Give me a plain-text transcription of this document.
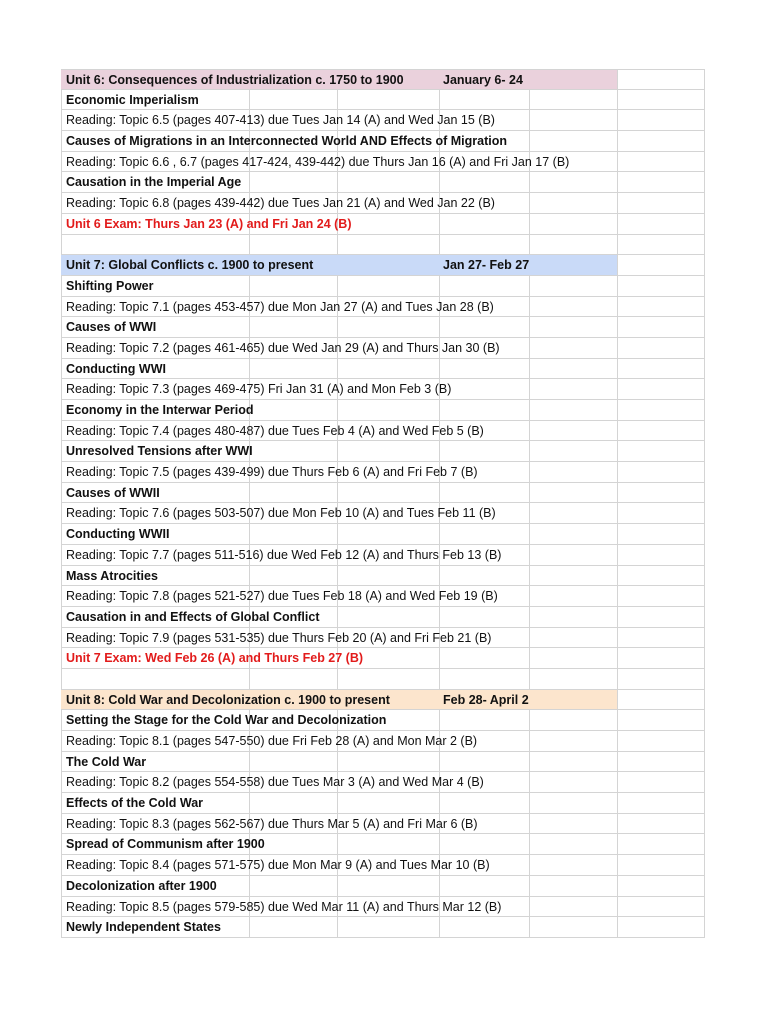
Unit 6: Consequences of Industrialization c. 1750 to 1900	January 6- 24
Economic Imperialism
Reading: Topic 6.5 (pages 407-413) due Tues Jan 14 (A) and Wed Jan 15 (B)
Causes of Migrations in an Interconnected World AND Effects of Migration
Reading: Topic 6.6 , 6.7 (pages 417-424, 439-442) due Thurs Jan 16 (A) and Fri Jan 17 (B)
Causation in the Imperial Age
Reading: Topic 6.8 (pages 439-442) due Tues Jan 21 (A) and Wed Jan 22 (B)
Unit 6 Exam: Thurs Jan 23 (A) and Fri Jan 24 (B)
Unit 7: Global Conflicts c. 1900 to present	Jan 27- Feb 27
Shifting Power
Reading: Topic 7.1 (pages 453-457) due Mon Jan 27 (A) and Tues Jan 28 (B)
Causes of WWI
Reading: Topic 7.2 (pages 461-465) due Wed Jan 29 (A) and Thurs Jan 30 (B)
Conducting WWI
Reading: Topic 7.3 (pages 469-475) Fri Jan 31 (A) and Mon Feb 3 (B)
Economy in the Interwar Period
Reading: Topic 7.4 (pages 480-487) due Tues Feb 4 (A) and Wed Feb 5 (B)
Unresolved Tensions after WWI
Reading: Topic 7.5 (pages 439-499) due Thurs Feb 6 (A) and Fri Feb 7 (B)
Causes of WWII
Reading: Topic 7.6 (pages 503-507) due Mon Feb 10 (A) and Tues Feb 11 (B)
Conducting WWII
Reading: Topic 7.7 (pages 511-516) due Wed Feb 12 (A) and Thurs Feb 13 (B)
Mass Atrocities
Reading: Topic 7.8 (pages 521-527) due Tues Feb 18 (A) and Wed Feb 19 (B)
Causation in and Effects of Global Conflict
Reading: Topic 7.9 (pages 531-535) due Thurs Feb 20 (A) and Fri Feb 21 (B)
Unit 7 Exam: Wed Feb 26 (A) and Thurs Feb 27 (B)
Unit 8: Cold War and Decolonization c. 1900 to present	Feb 28- April 2
Setting the Stage for the Cold War and Decolonization
Reading: Topic 8.1 (pages 547-550) due Fri Feb 28 (A) and Mon Mar 2 (B)
The Cold War
Reading: Topic 8.2 (pages 554-558) due Tues Mar 3 (A) and Wed Mar 4 (B)
Effects of the Cold War
Reading: Topic 8.3 (pages 562-567) due Thurs Mar 5 (A) and Fri Mar 6 (B)
Spread of Communism after 1900
Reading: Topic 8.4 (pages 571-575) due Mon Mar 9 (A) and Tues Mar 10 (B)
Decolonization after 1900
Reading: Topic 8.5 (pages 579-585) due Wed Mar 11 (A) and Thurs Mar 12 (B)
Newly Independent States
